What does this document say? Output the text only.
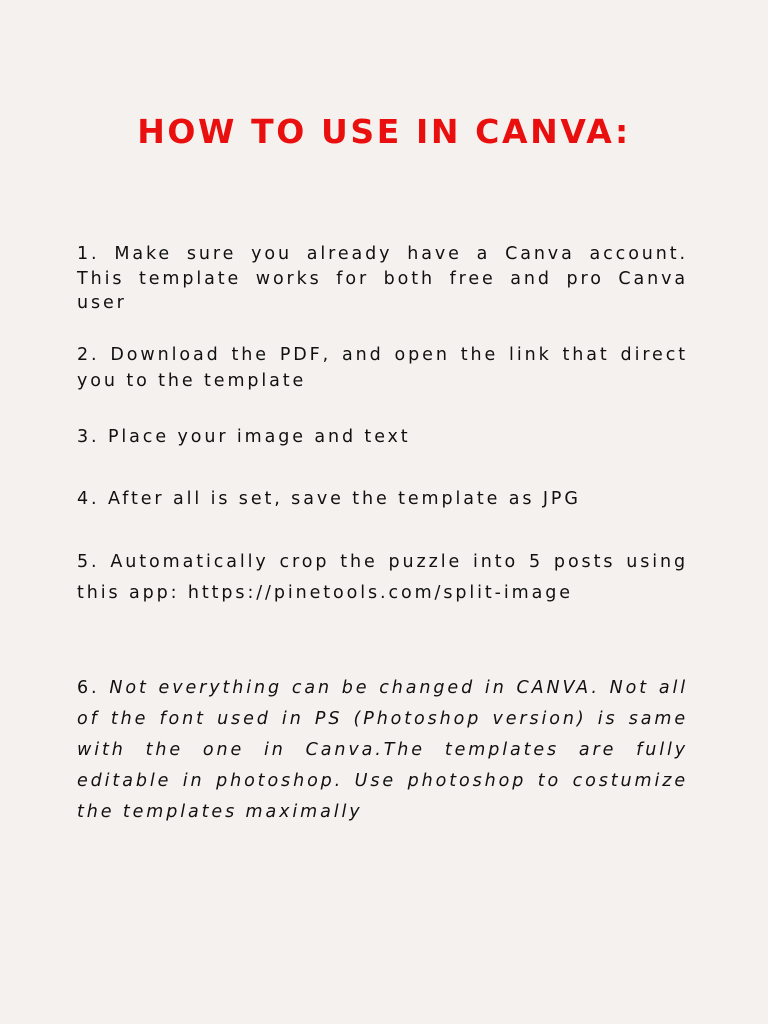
HOW TO USE IN CANVA:

1. Make sure you already have a Canva account. This template works for both free and pro Canva user

2. Download the PDF, and open the link that direct you to the template

3. Place your image and text

4. After all is set, save the template as JPG

5. Automatically crop the puzzle into 5 posts using this app: https://pinetools.com/split-image

6. Not everything can be changed in CANVA. Not all of the font used in PS (Photoshop version) is same with the one in Canva.The templates are fully editable in photoshop. Use photoshop to costumize the templates maximally
